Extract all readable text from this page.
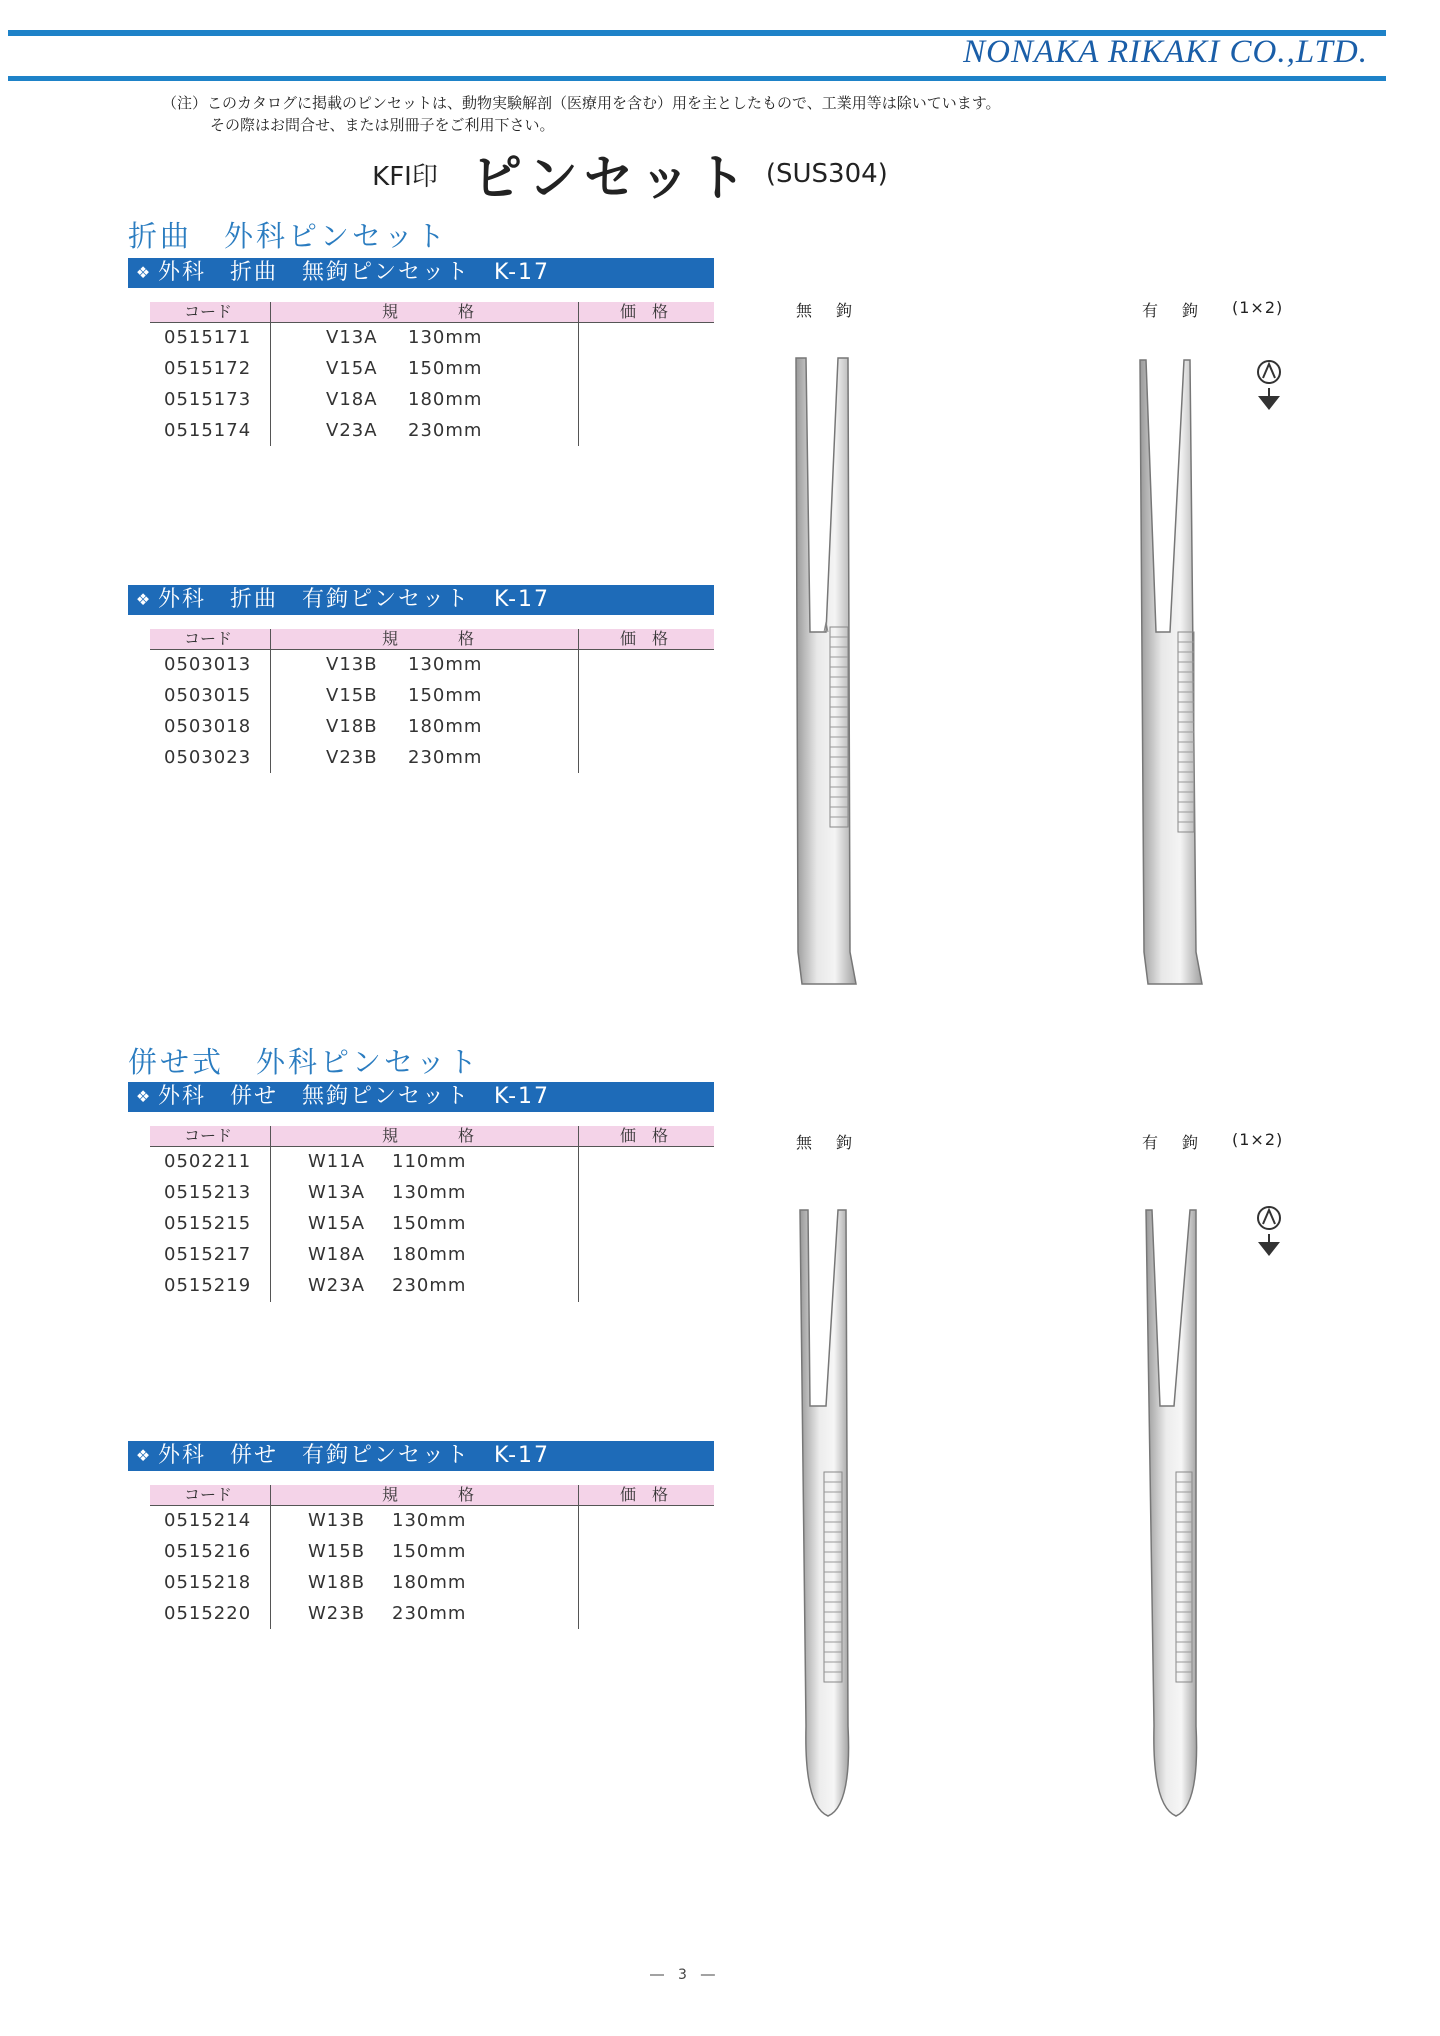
NONAKA RIKAKI CO.,LTD.
（注）このカタログに掲載のピンセットは、動物実験解剖（医療用を含む）用を主としたもので、工業用等は除いています。
その際はお問合せ、または別冊子をご利用下さい。
KFI印 ピンセット (SUS304)
折曲　外科ピンセット
❖ 外科　折曲　無鉤ピンセット　K-17
コード	規	格	価　格
0515171	V13A 130mm
0515172	V15A 150mm
0515173	V18A 180mm
0515174	V23A 230mm
❖ 外科　折曲　有鉤ピンセット　K-17
コード	規	格	価　格
0503013	V13B 130mm
0503015	V15B 150mm
0503018	V18B 180mm
0503023	V23B 230mm
無　鉤	有　鉤 (1×2)
併せ式　外科ピンセット
❖ 外科　併せ　無鉤ピンセット　K-17
コード	規	格	価　格
0502211	W11A 110mm
0515213	W13A 130mm
0515215	W15A 150mm
0515217	W18A 180mm
0515219	W23A 230mm
❖ 外科　併せ　有鉤ピンセット　K-17
コード	規	格	価　格
0515214	W13B 130mm
0515216	W15B 150mm
0515218	W18B 180mm
0515220	W23B 230mm
無　鉤	有　鉤 (1×2)
―　3　―
